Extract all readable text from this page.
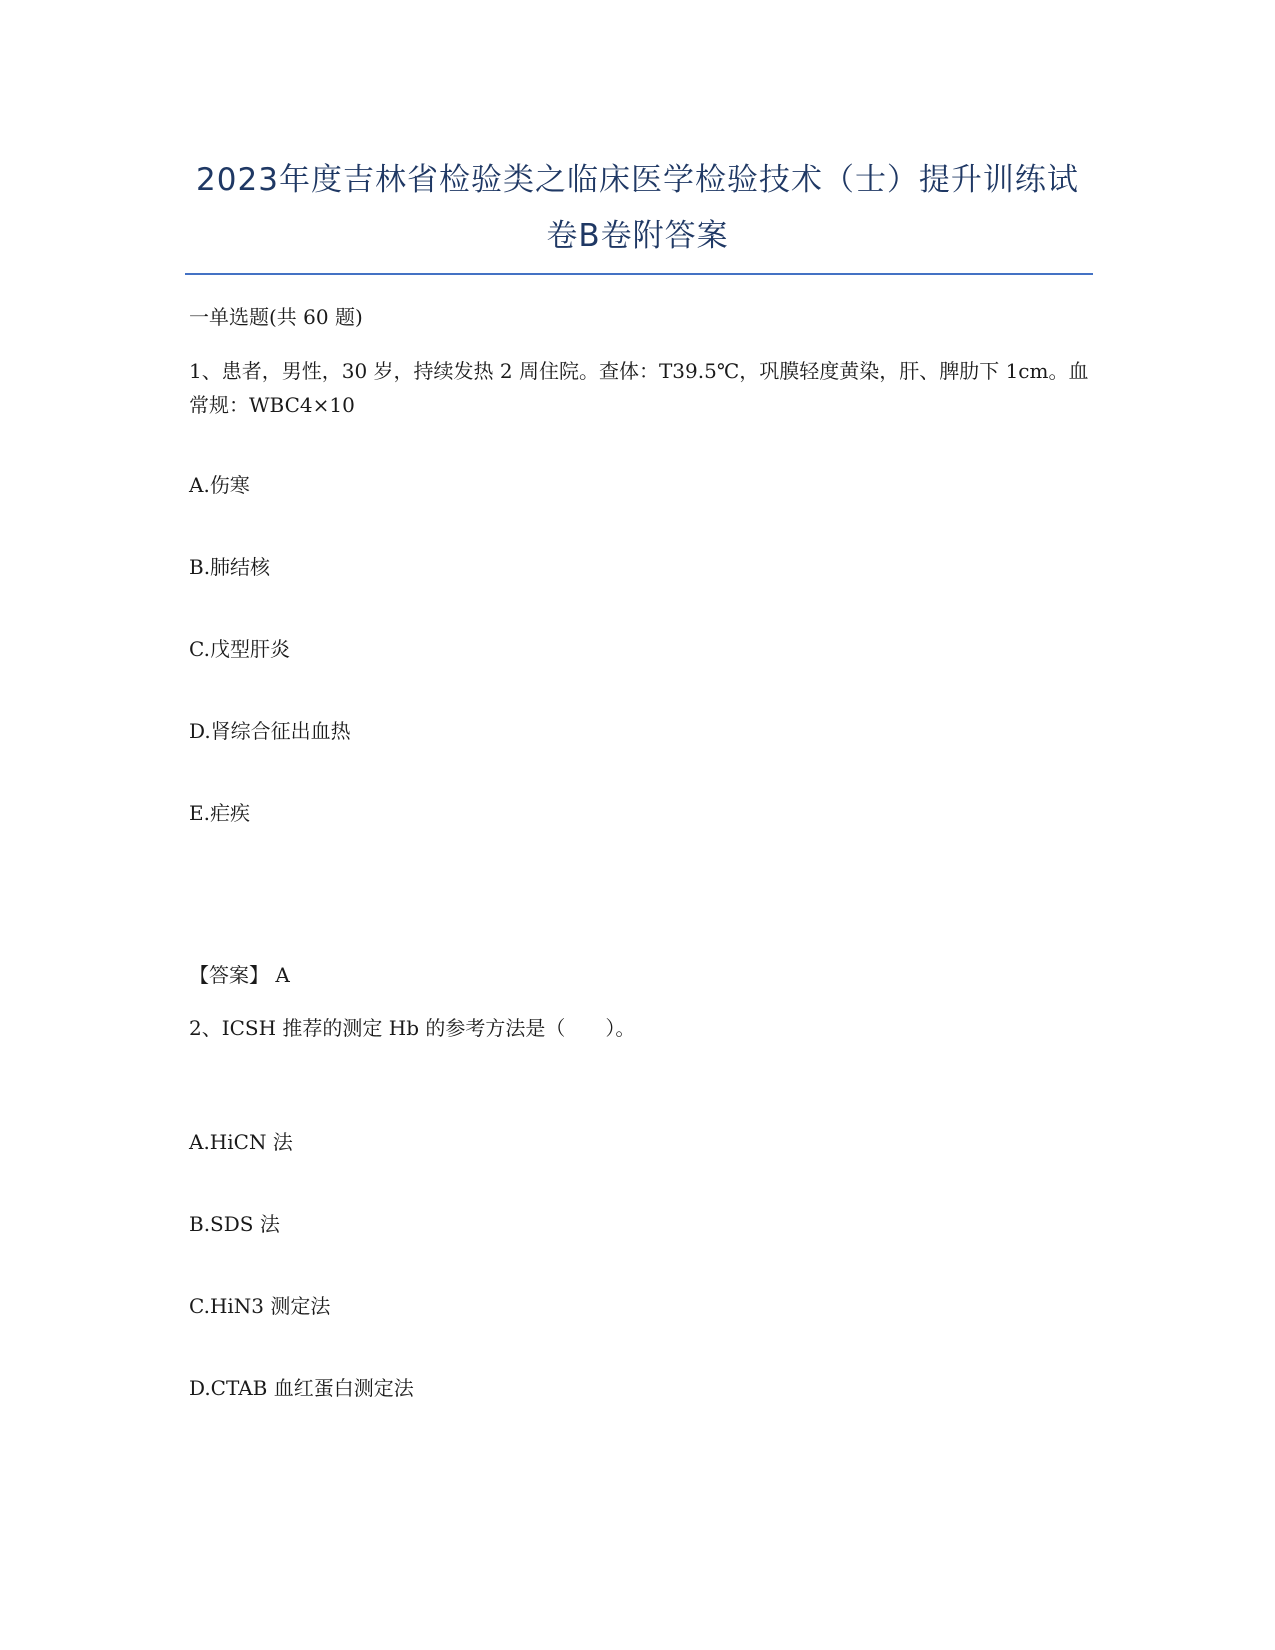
2023年度吉林省检验类之临床医学检验技术（士）提升训练试卷B卷附答案
一单选题(共 60 题)
1、患者，男性，30 岁，持续发热 2 周住院。查体：T39.5℃，巩膜轻度黄染，肝、脾肋下 1cm。血常规：WBC4×10
A.伤寒
B.肺结核
C.戊型肝炎
D.肾综合征出血热
E.疟疾
【答案】 A
2、ICSH 推荐的测定 Hb 的参考方法是（　　）。
A.HiCN 法
B.SDS 法
C.HiN3 测定法
D.CTAB 血红蛋白测定法
